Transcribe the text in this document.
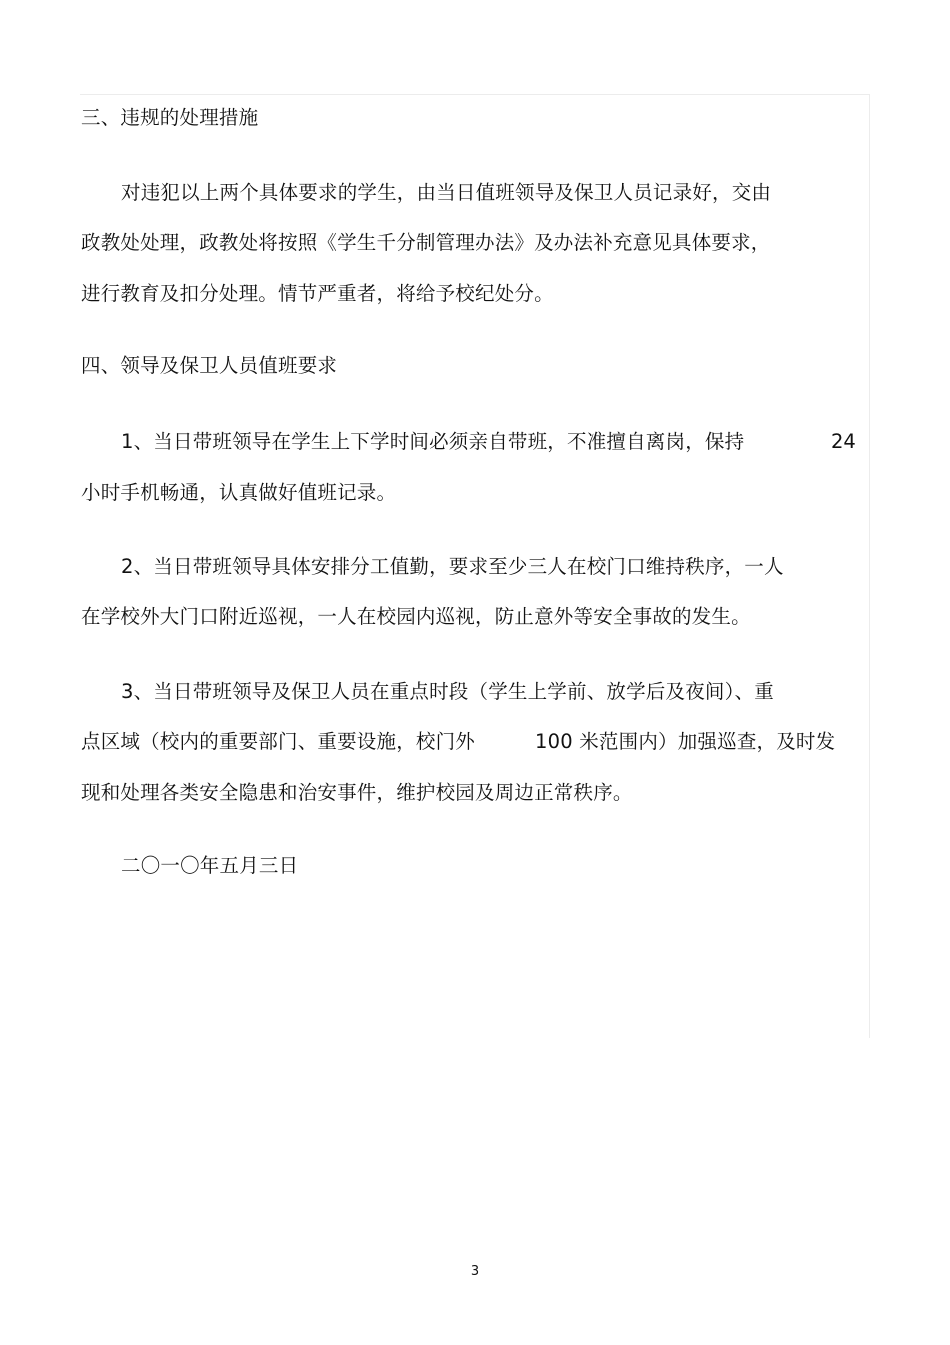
三、违规的处理措施
对违犯以上两个具体要求的学生，由当日值班领导及保卫人员记录好，交由
政教处处理，政教处将按照《学生千分制管理办法》及办法补充意见具体要求，
进行教育及扣分处理。情节严重者，将给予校纪处分。
四、领导及保卫人员值班要求
1、当日带班领导在学生上下学时间必须亲自带班，不准擅自离岗，保持	24
小时手机畅通，认真做好值班记录。
2、当日带班领导具体安排分工值勤，要求至少三人在校门口维持秩序，一人
在学校外大门口附近巡视，一人在校园内巡视，防止意外等安全事故的发生。
3、当日带班领导及保卫人员在重点时段（学生上学前、放学后及夜间）、重
点区域（校内的重要部门、重要设施，校门外	100 米范围内）加强巡查，及时发
现和处理各类安全隐患和治安事件，维护校园及周边正常秩序。
二〇一〇年五月三日
3
